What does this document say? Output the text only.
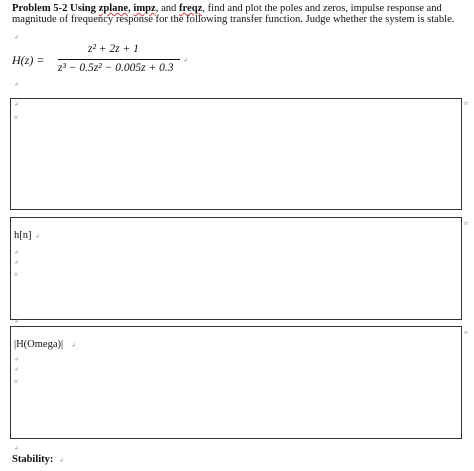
Problem 5-2 Using zplane, impz, and freqz, find and plot the poles and zeros, impulse response and magnitude of frequency response for the following transfer function. Judge whether the system is stable.
↲
H(z) =
z² + 2z + 1
z³ − 0.5z² − 0.005z + 0.3
↲
↲
↲
¤
¤
h[n] ↲
↲
↲
¤
¤
↲
|H(Omega)| ↲
↲
↲
¤
¤
↲
Stability: ↲
